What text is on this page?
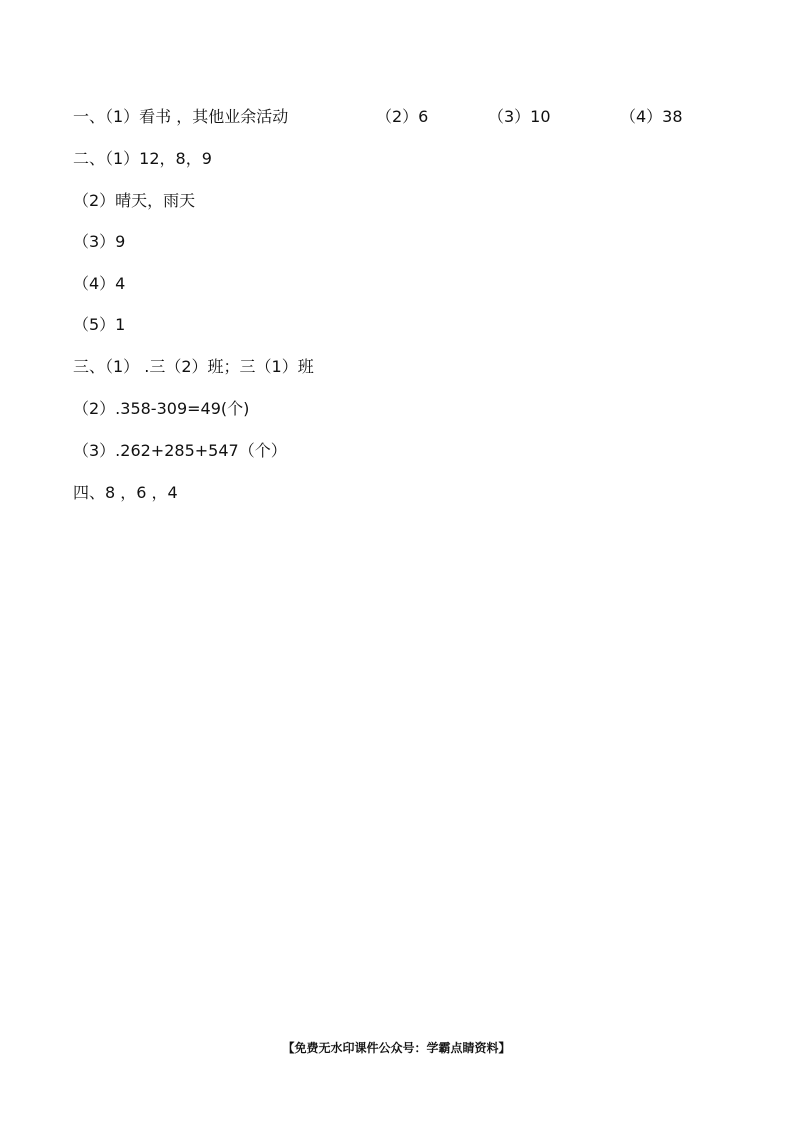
一、（1）看书 ，其他业余活动

	（2）6

	（3）10

	（4）38

二、（1）12，8，9
（2）晴天，雨天
（3）9
（4）4
（5）1
三、（1） .三（2）班；三（1）班
（2）.358-309=49(个)
（3）.262+285+547（个）
四、8 ，6 ，4
【免费无水印课件公众号：学霸点睛资料】
